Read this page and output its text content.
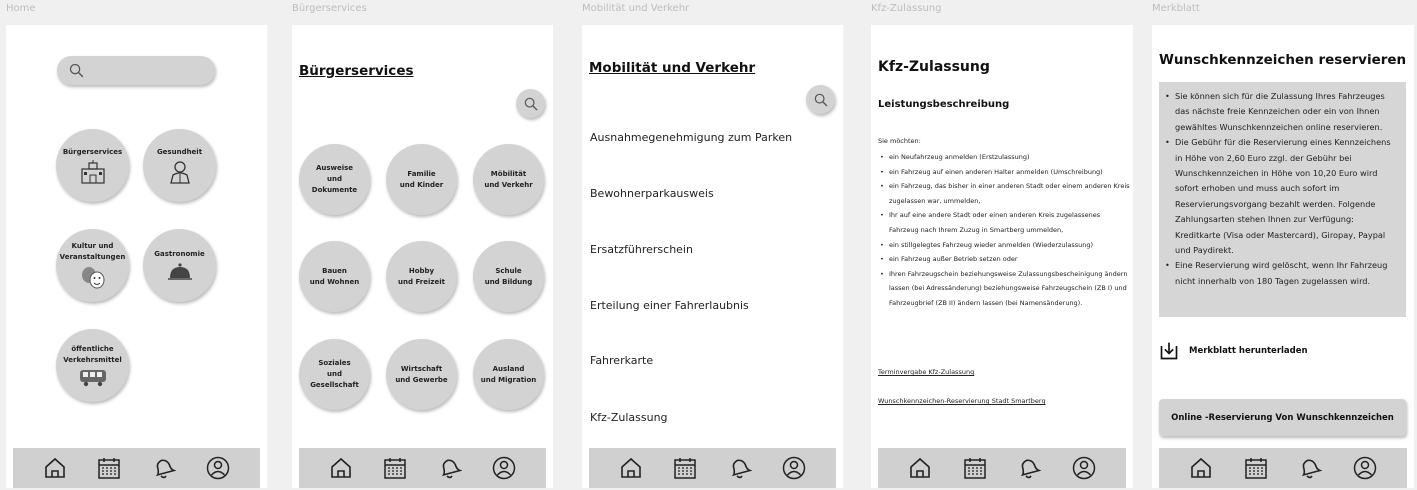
Home
Bürgerservices	Gesundheit
Kultur und
Veranstaltungen	Gastronomie
öffentliche
Verkehrsmittel
Bürgerservices
Bürgerservices
Ausweise
und
Dokumente
Familie
und Kinder
Möbilität
und Verkehr
Bauen
und Wohnen
Hobby
und Freizeit
Schule
und Bildung
Soziales
und
Gesellschaft
Wirtschaft
und Gewerbe
Ausland
und Migration
Mobilität und Verkehr
Mobilität und Verkehr
Ausnahmegenehmigung zum Parken
Bewohnerparkausweis
Ersatzführerschein
Erteilung einer Fahrerlaubnis
Fahrerkarte
Kfz-Zulassung
Kfz-Zulassung
Kfz-Zulassung
Leistungsbeschreibung
Sie möchten:
• ein Neufahrzeug anmelden (Erstzulassung)
• ein Fahrzeug auf einen anderen Halter anmelden (Umschreibung)
• ein Fahrzeug, das bisher in einer anderen Stadt oder einem anderen Kreis zugelassen war, ummelden,
• Ihr auf eine andere Stadt oder einen anderen Kreis zugelassenes Fahrzeug nach Ihrem Zuzug in Smartberg ummelden,
• ein stillgelegtes Fahrzeug wieder anmelden (Wiederzulassung)
• ein Fahrzeug außer Betrieb setzen oder
• Ihren Fahrzeugschein beziehungsweise Zulassungsbescheinigung ändern lassen (bei Adressänderung) beziehungsweise Fahrzeugschein (ZB I) und Fahrzeugbrief (ZB II) ändern lassen (bei Namensänderung).
Terminvergabe Kfz-Zulassung
Wunschkennzeichen-Reservierung Stadt Smartberg
Merkblatt
Wunschkennzeichen reservieren
• Sie können sich für die Zulassung Ihres Fahrzeuges das nächste freie Kennzeichen oder ein von Ihnen gewähltes Wunschkennzeichen online reservieren.
• Die Gebühr für die Reservierung eines Kennzeichens in Höhe von 2,60 Euro zzgl. der Gebühr bei Wunschkennzeichen in Höhe von 10,20 Euro wird sofort erhoben und muss auch sofort im Reservierungsvorgang bezahlt werden. Folgende Zahlungsarten stehen Ihnen zur Verfügung: Kreditkarte (Visa oder Mastercard), Giropay, Paypal und Paydirekt.
• Eine Reservierung wird gelöscht, wenn Ihr Fahrzeug nicht innerhalb von 180 Tagen zugelassen wird.
Merkblatt herunterladen
Online -Reservierung Von Wunschkennzeichen
